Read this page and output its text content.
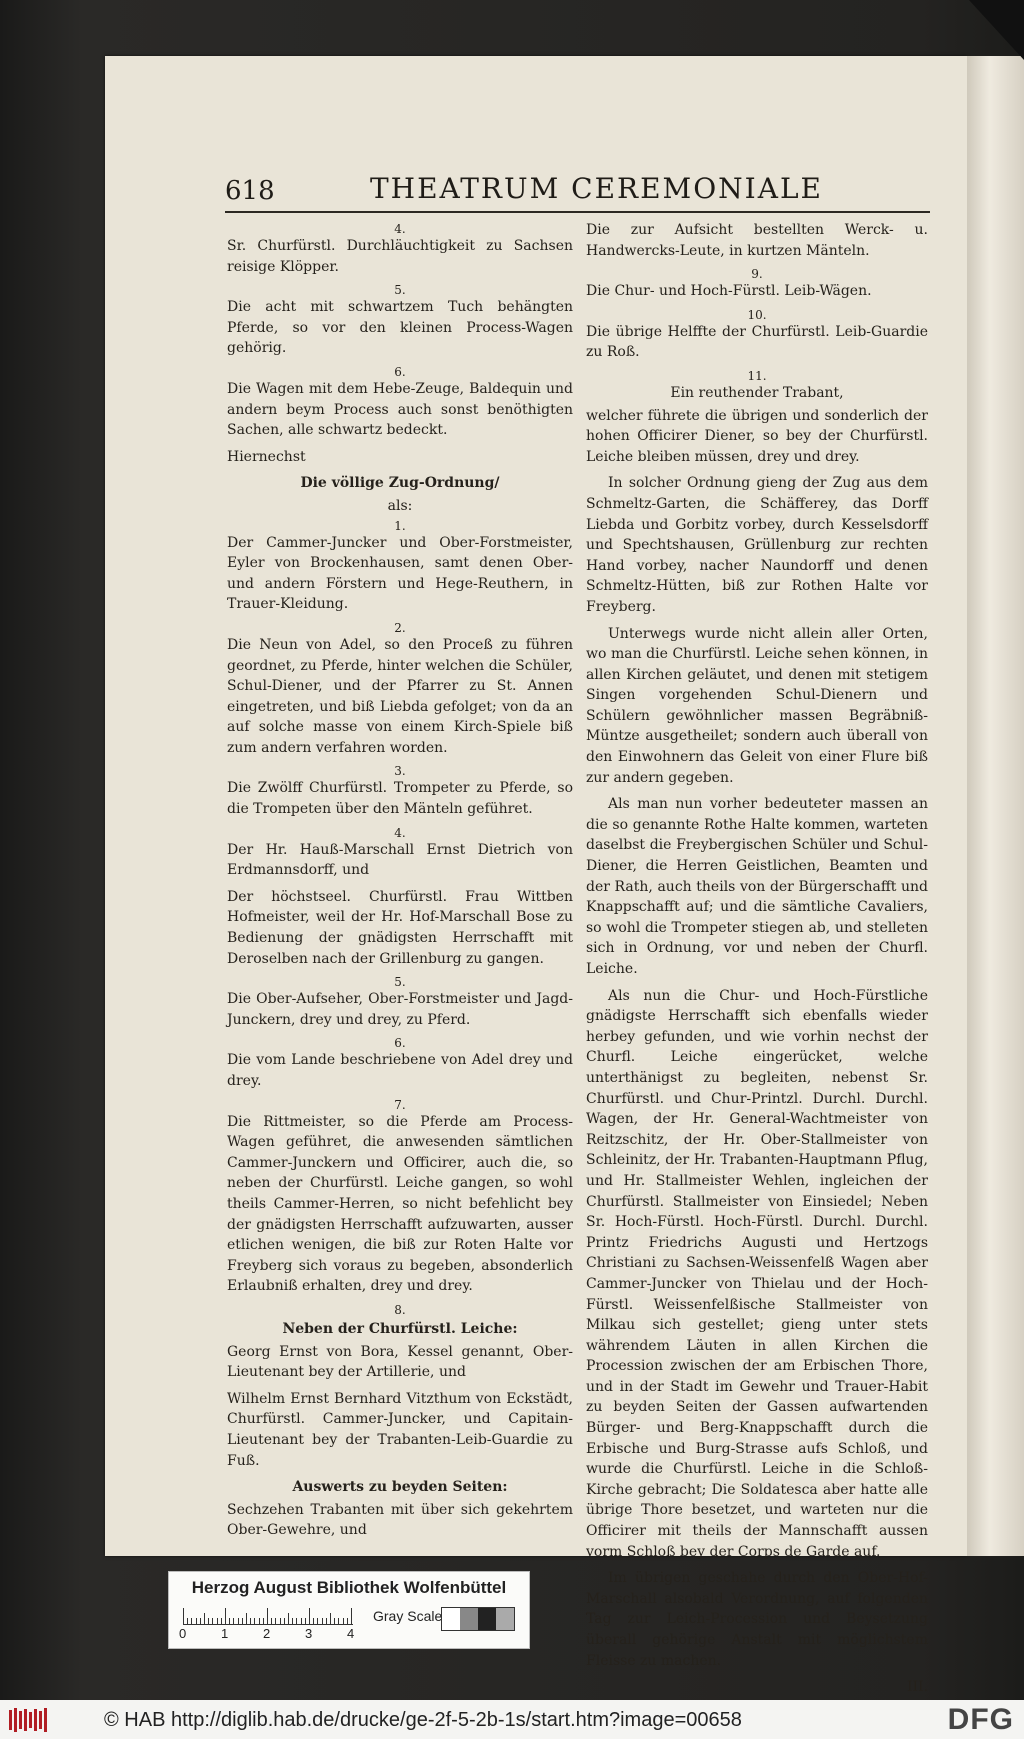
618	THEATRUM CEREMONIALE
4.
Sr. Churfürstl. Durchläuchtigkeit zu Sachsen reisige Klöpper.
5.
Die acht mit schwartzem Tuch behängten Pferde, so vor den kleinen Process-Wagen gehörig.
6.
Die Wagen mit dem Hebe-Zeuge, Baldequin und andern beym Process auch sonst benöthigten Sachen, alle schwartz bedeckt.
Hiernechst
Die völlige Zug-Ordnung/
als:
1.
Der Cammer-Juncker und Ober-Forstmeister, Eyler von Brockenhausen, samt denen Ober- und andern Förstern und Hege-Reuthern, in Trauer-Kleidung.
2.
Die Neun von Adel, so den Proceß zu führen geordnet, zu Pferde, hinter welchen die Schüler, Schul-Diener, und der Pfarrer zu St. Annen eingetreten, und biß Liebda gefolget; von da an auf solche masse von einem Kirch-Spiele biß zum andern verfahren worden.
3.
Die Zwölff Churfürstl. Trompeter zu Pferde, so die Trompeten über den Mänteln geführet.
4.
Der Hr. Hauß-Marschall Ernst Dietrich von Erdmannsdorff, und
Der höchstseel. Churfürstl. Frau Wittben Hofmeister, weil der Hr. Hof-Marschall Bose zu Bedienung der gnädigsten Herrschafft mit Deroselben nach der Grillenburg zu gangen.
5.
Die Ober-Aufseher, Ober-Forstmeister und Jagd-Junckern, drey und drey, zu Pferd.
6.
Die vom Lande beschriebene von Adel drey und drey.
7.
Die Rittmeister, so die Pferde am Process-Wagen geführet, die anwesenden sämtlichen Cammer-Junckern und Officirer, auch die, so neben der Churfürstl. Leiche gangen, so wohl theils Cammer-Herren, so nicht befehlicht bey der gnädigsten Herrschafft aufzuwarten, ausser etlichen wenigen, die biß zur Roten Halte vor Freyberg sich voraus zu begeben, absonderlich Erlaubniß erhalten, drey und drey.
8.
Neben der Churfürstl. Leiche:
Georg Ernst von Bora, Kessel genannt, Ober-Lieutenant bey der Artillerie, und
Wilhelm Ernst Bernhard Vitzthum von Eckstädt, Churfürstl. Cammer-Juncker, und Capitain-Lieutenant bey der Trabanten-Leib-Guardie zu Fuß.
Auswerts zu beyden Seiten:
Sechzehen Trabanten mit über sich gekehrtem Ober-Gewehre, und
Die zur Aufsicht bestellten Werck- u. Handwercks-Leute, in kurtzen Mänteln.
9.
Die Chur- und Hoch-Fürstl. Leib-Wägen.
10.
Die übrige Helffte der Churfürstl. Leib-Guardie zu Roß.
11.
Ein reuthender Trabant,
welcher führete die übrigen und sonderlich der hohen Officirer Diener, so bey der Churfürstl. Leiche bleiben müssen, drey und drey.
In solcher Ordnung gieng der Zug aus dem Schmeltz-Garten, die Schäfferey, das Dorff Liebda und Gorbitz vorbey, durch Kesselsdorff und Spechtshausen, Grüllenburg zur rechten Hand vorbey, nacher Naundorff und denen Schmeltz-Hütten, biß zur Rothen Halte vor Freyberg.
Unterwegs wurde nicht allein aller Orten, wo man die Churfürstl. Leiche sehen können, in allen Kirchen geläutet, und denen mit stetigem Singen vorgehenden Schul-Dienern und Schülern gewöhnlicher massen Begräbniß-Müntze ausgetheilet; sondern auch überall von den Einwohnern das Geleit von einer Flure biß zur andern gegeben.
Als man nun vorher bedeuteter massen an die so genannte Rothe Halte kommen, warteten daselbst die Freybergischen Schüler und Schul-Diener, die Herren Geistlichen, Beamten und der Rath, auch theils von der Bürgerschafft und Knappschafft auf; und die sämtliche Cavaliers, so wohl die Trompeter stiegen ab, und stelleten sich in Ordnung, vor und neben der Churfl. Leiche.
Als nun die Chur- und Hoch-Fürstliche gnädigste Herrschafft sich ebenfalls wieder herbey gefunden, und wie vorhin nechst der Churfl. Leiche eingerücket, welche unterthänigst zu begleiten, nebenst Sr. Churfürstl. und Chur-Printzl. Durchl. Durchl. Wagen, der Hr. General-Wachtmeister von Reitzschitz, der Hr. Ober-Stallmeister von Schleinitz, der Hr. Trabanten-Hauptmann Pflug, und Hr. Stallmeister Wehlen, ingleichen der Churfürstl. Stallmeister von Einsiedel; Neben Sr. Hoch-Fürstl. Hoch-Fürstl. Durchl. Durchl. Printz Friedrichs Augusti und Hertzogs Christiani zu Sachsen-Weissenfelß Wagen aber Cammer-Juncker von Thielau und der Hoch-Fürstl. Weissenfelßische Stallmeister von Milkau sich gestellet; gieng unter stets währendem Läuten in allen Kirchen die Procession zwischen der am Erbischen Thore, und in der Stadt im Gewehr und Trauer-Habit zu beyden Seiten der Gassen aufwartenden Bürger- und Berg-Knappschafft durch die Erbische und Burg-Strasse aufs Schloß, und wurde die Churfürstl. Leiche in die Schloß-Kirche gebracht; Die Soldatesca aber hatte alle übrige Thore besetzet, und warteten nur die Officirer mit theils der Mannschafft aussen vorm Schloß bey der Corps de Garde auf.
Im übrigen geschahe durch den Ober-Hof-Marschall alsobald Verordnung, auf folgenden Tag zur Leich-Procession und Beysetzung überall gehörige Anstalt mit möglichstem Fleisse zu machen.
III.
Herzog August Bibliothek Wolfenbüttel
0	1	2	3	4
Gray Scale
© HAB http://diglib.hab.de/drucke/ge-2f-5-2b-1s/start.htm?image=00658	DFG
